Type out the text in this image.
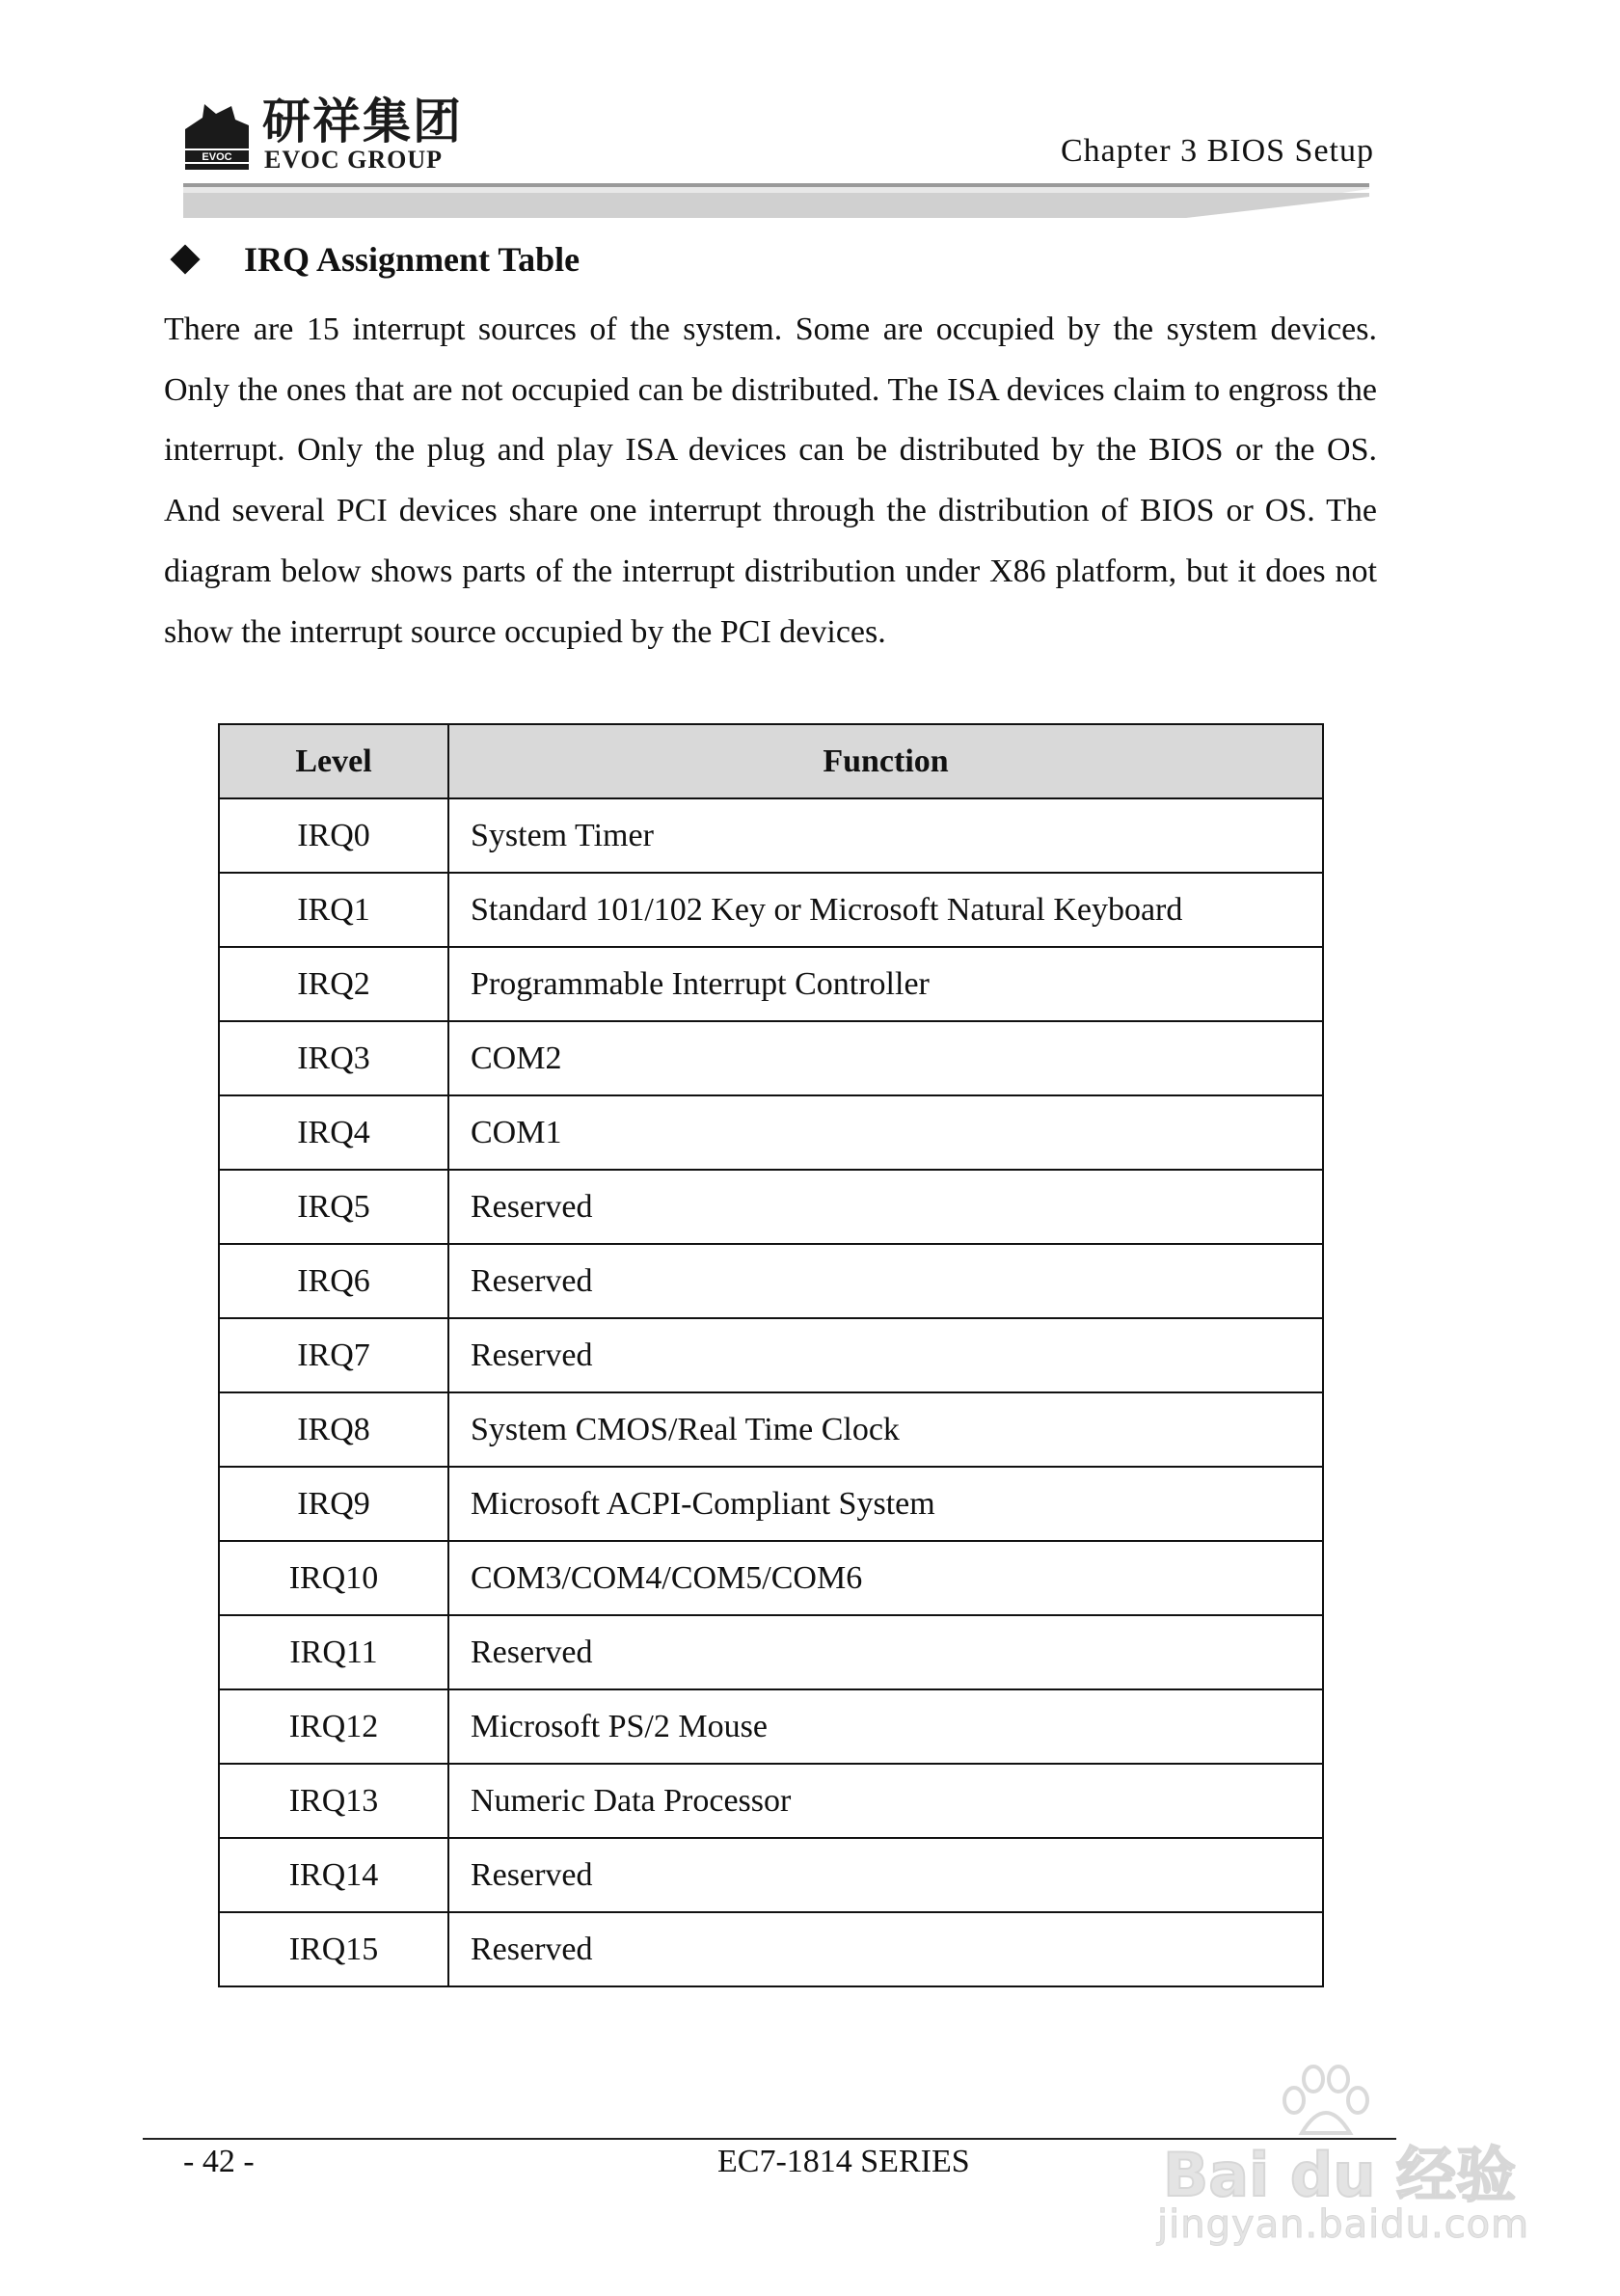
EVOC
研祥集团
EVOC GROUP	Chapter 3 BIOS Setup
IRQ Assignment Table
There are 15 interrupt sources of the system. Some are occupied by the system devices. Only the ones that are not occupied can be distributed. The ISA devices claim to engross the interrupt. Only the plug and play ISA devices can be distributed by the BIOS or the OS. And several PCI devices share one interrupt through the distribution of BIOS or OS. The diagram below shows parts of the interrupt distribution under X86 platform, but it does not show the interrupt source occupied by the PCI devices.
Level	Function
IRQ0	System Timer
IRQ1	Standard 101/102 Key or Microsoft Natural Keyboard
IRQ2	Programmable Interrupt Controller
IRQ3	COM2
IRQ4	COM1
IRQ5	Reserved
IRQ6	Reserved
IRQ7	Reserved
IRQ8	System CMOS/Real Time Clock
IRQ9	Microsoft ACPI-Compliant System
IRQ10	COM3/COM4/COM5/COM6
IRQ11	Reserved
IRQ12	Microsoft PS/2 Mouse
IRQ13	Numeric Data Processor
IRQ14	Reserved
IRQ15	Reserved
- 42 -	EC7-1814 SERIES	Bai du 经验
jingyan.baidu.com
